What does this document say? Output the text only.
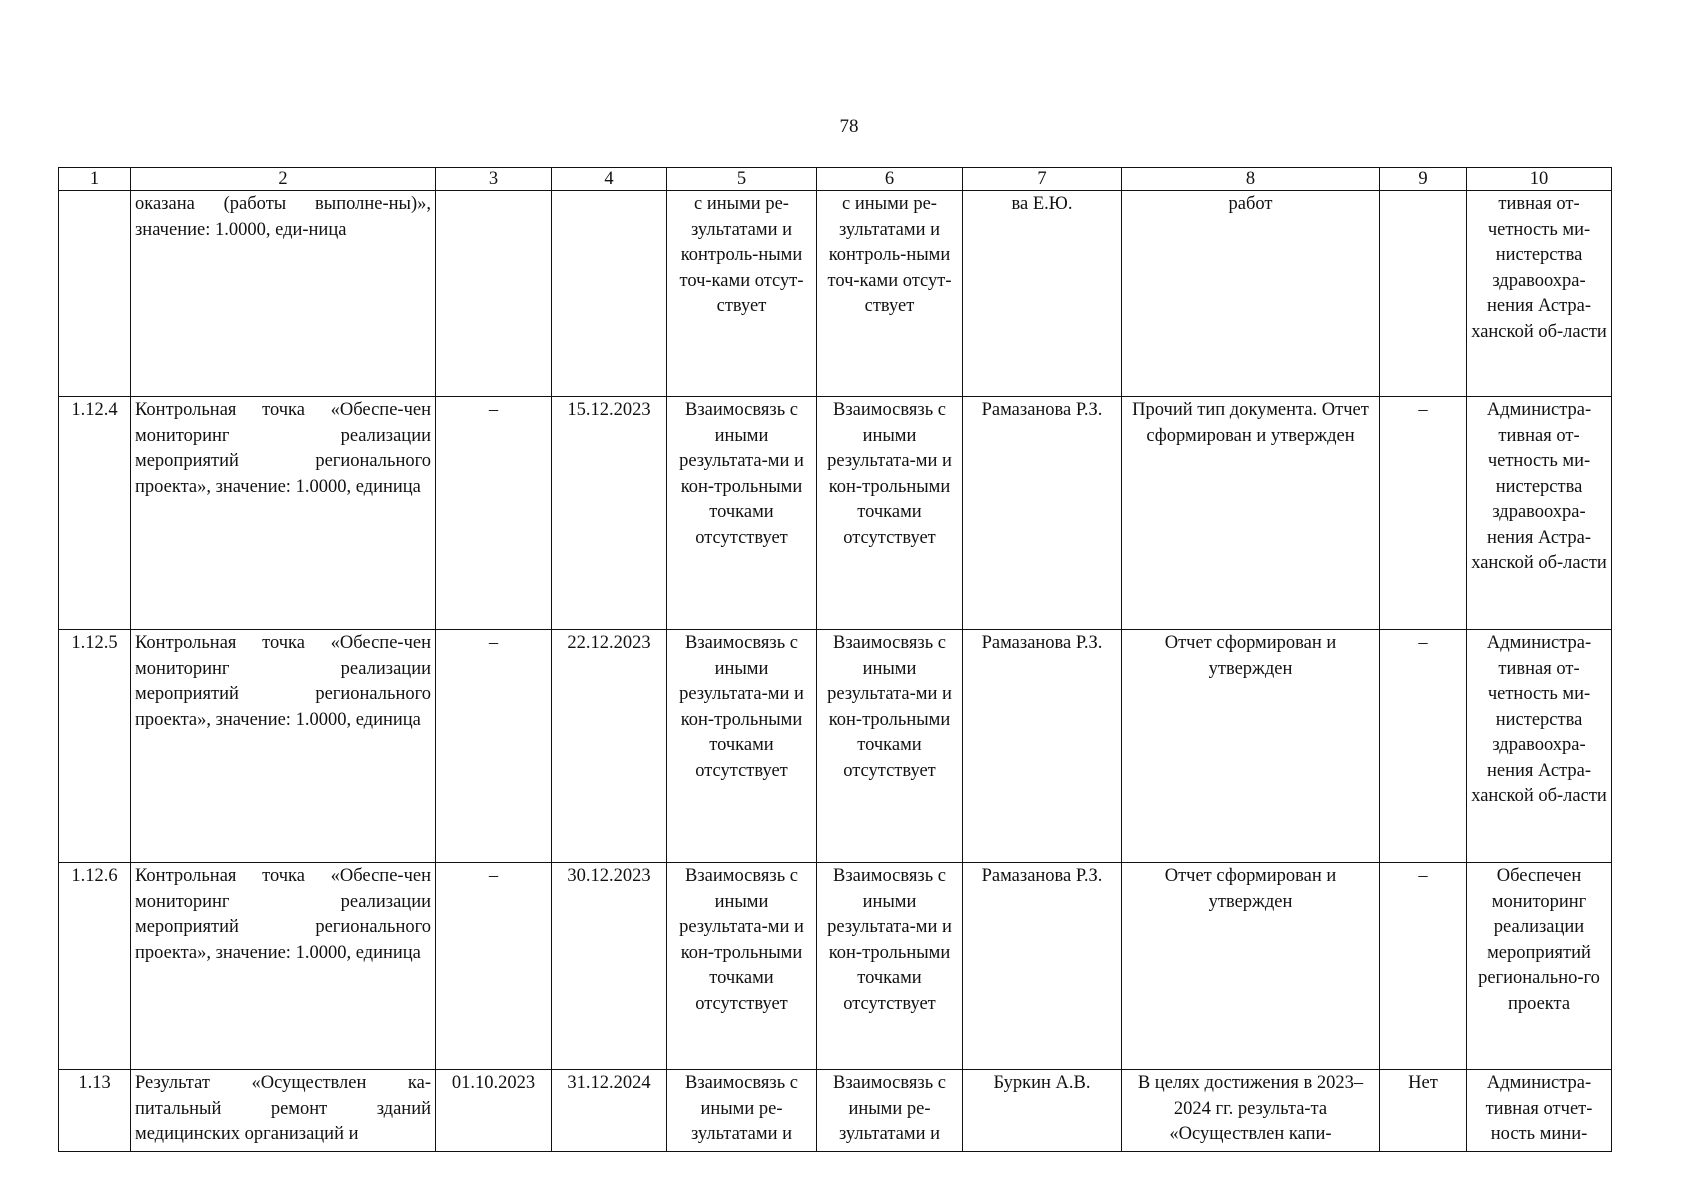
78
1	2	3	4	5	6	7	8	9	10
	оказана (работы выполне-ны)», значение: 1.0000, еди-ница			с иными ре-зультатами и контроль-ными точ-ками отсут-ствует	с иными ре-зультатами и контроль-ными точ-ками отсут-ствует	ва Е.Ю.	работ		тивная от-четность ми-нистерства здравоохра-нения Астра-ханской об-ласти
1.12.4	Контрольная точка «Обеспе-чен мониторинг реализации мероприятий регионального проекта», значение: 1.0000, единица	–	15.12.2023	Взаимосвязь с иными результата-ми и кон-трольными точками отсутствует	Взаимосвязь с иными результата-ми и кон-трольными точками отсутствует	Рамазанова Р.З.	Прочий тип документа. Отчет сформирован и утвержден	–	Администра-тивная от-четность ми-нистерства здравоохра-нения Астра-ханской об-ласти
1.12.5	Контрольная точка «Обеспе-чен мониторинг реализации мероприятий регионального проекта», значение: 1.0000, единица	–	22.12.2023	Взаимосвязь с иными результата-ми и кон-трольными точками отсутствует	Взаимосвязь с иными результата-ми и кон-трольными точками отсутствует	Рамазанова Р.З.	Отчет сформирован и утвержден	–	Администра-тивная от-четность ми-нистерства здравоохра-нения Астра-ханской об-ласти
1.12.6	Контрольная точка «Обеспе-чен мониторинг реализации мероприятий регионального проекта», значение: 1.0000, единица	–	30.12.2023	Взаимосвязь с иными результата-ми и кон-трольными точками отсутствует	Взаимосвязь с иными результата-ми и кон-трольными точками отсутствует	Рамазанова Р.З.	Отчет сформирован и утвержден	–	Обеспечен мониторинг реализации мероприятий регионально-го проекта
1.13	Результат «Осуществлен ка-питальный ремонт зданий медицинских организаций и	01.10.2023	31.12.2024	Взаимосвязь с иными ре-зультатами и	Взаимосвязь с иными ре-зультатами и	Буркин А.В.	В целях достижения в 2023–2024 гг. результа-та «Осуществлен капи-	Нет	Администра-тивная отчет-ность мини-
